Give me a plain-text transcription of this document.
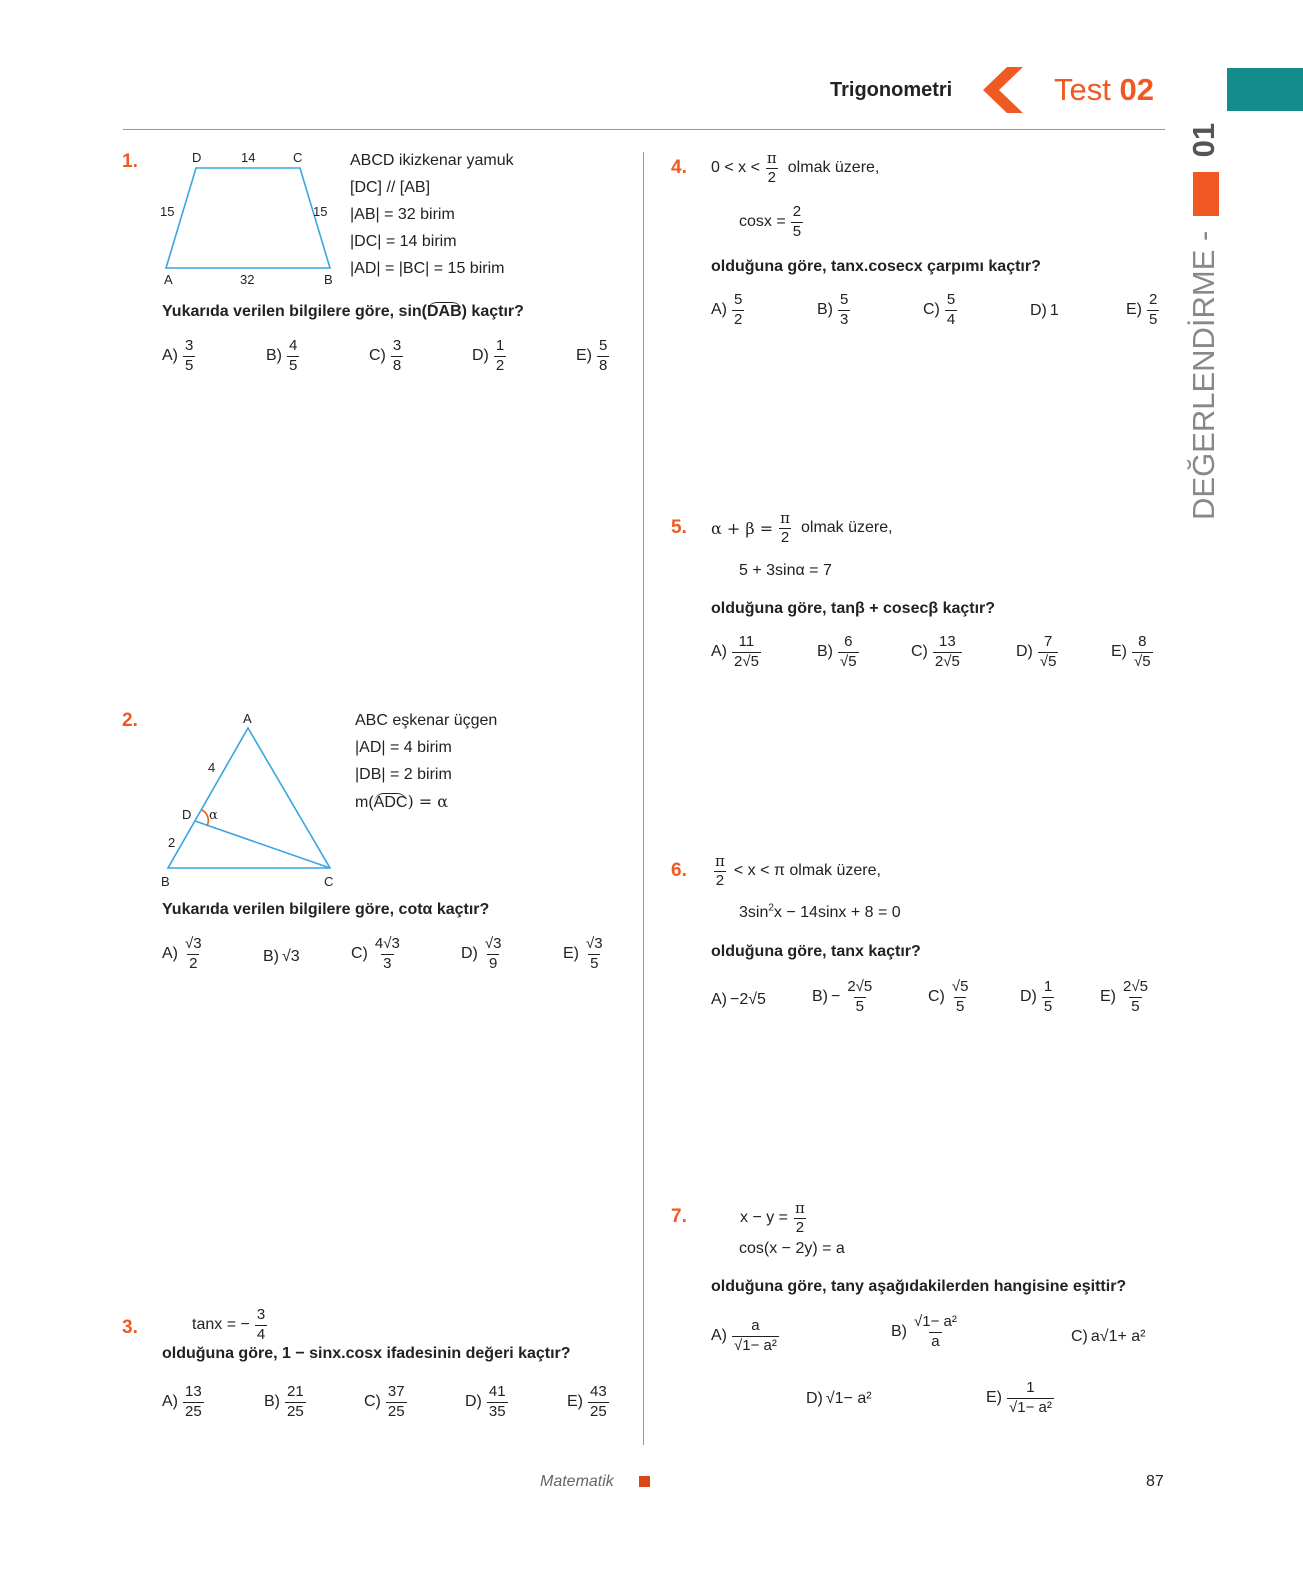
Trigonometri	Test 02
DEĞERLENDİRME -  01
1.	D	14	C
15	15
A	32	B
ABCD ikizkenar yamuk
[DC] // [AB]
|AB| = 32 birim
|DC| = 14 birim
|AD| = |BC| = 15 birim
Yukarıda verilen bilgilere göre, sin(DAB) kaçtır?
$A) \frac{3}{5}$	$B) \frac{4}{5}$	$C) \frac{3}{8}$	$D) \frac{1}{2}$	$E) \frac{5}{8}$
2.	A
4
D α
2
B	C
ABC eşkenar üçgen
|AD| = 4 birim
|DB| = 2 birim
m(ADC) = α
Yukarıda verilen bilgilere göre, cotα kaçtır?
$A) \frac{√3}{2}$	B) √3	$C) \frac{4√3}{3}$	$D) \frac{√3}{9}$	$E) \frac{√3}{5}$
3.	tanx = − $\frac{3}{4}$
olduğuna göre, 1 − sinx.cosx ifadesinin değeri kaçtır?
$A) \frac{13}{25}$	$B) \frac{21}{25}$	$C) \frac{37}{25}$	$D) \frac{41}{35}$	$E) \frac{43}{25}$
4. $0 < x < \frac{\pi}{2}$ olmak üzere,
$\cos x = \frac{2}{5}$
olduğuna göre, tanx.cosecx çarpımı kaçtır?
$A) \frac{5}{2}$	$B) \frac{5}{3}$	$C) \frac{5}{4}$	D) 1	$E) \frac{2}{5}$
5. $\alpha + \beta = \frac{\pi}{2}$ olmak üzere,
5 + 3sinα = 7
olduğuna göre, tanβ + cosecβ kaçtır?
$A) \frac{11}{2√5}$	$B) \frac{6}{√5}$	$C) \frac{13}{2√5}$	$D) \frac{7}{√5}$	$E) \frac{8}{√5}$
6. $\frac{\pi}{2} < x < \pi$ olmak üzere,
$3\sin^2x - 14\sin x + 8 = 0$
olduğuna göre, tanx kaçtır?
A) −2√5	$B) - \frac{2√5}{5}$	$C) \frac{√5}{5}$	$D) \frac{1}{5}$	$E) \frac{2√5}{5}$
7.	$x - y = \frac{\pi}{2}$
cos(x − 2y) = a
olduğuna göre, tany aşağıdakilerden hangisine eşittir?
$A) \frac{a}{\text{√1− a²}}$	$B) \frac{\text{√1− a²}}{a}$	C) a√1+ a²
D) √1− a²	$E) \frac{1}{\text{√1− a²}}$
Matematik	87
